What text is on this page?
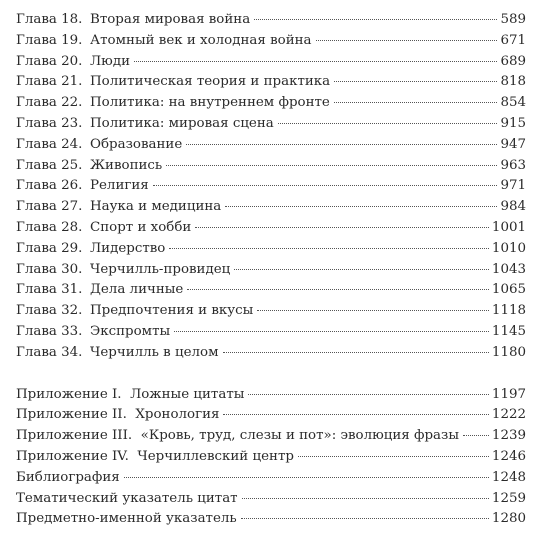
Глава 18. Вторая мировая война	589
Глава 19. Атомный век и холодная война	671
Глава 20. Люди	689
Глава 21. Политическая теория и практика	818
Глава 22. Политика: на внутреннем фронте	854
Глава 23. Политика: мировая сцена	915
Глава 24. Образование	947
Глава 25. Живопись	963
Глава 26. Религия	971
Глава 27. Наука и медицина	984
Глава 28. Спорт и хобби	1001
Глава 29. Лидерство	1010
Глава 30. Черчилль-провидец	1043
Глава 31. Дела личные	1065
Глава 32. Предпочтения и вкусы	1118
Глава 33. Экспромты	1145
Глава 34. Черчилль в целом	1180
Приложение I.  Ложные цитаты	1197
Приложение II.  Хронология	1222
Приложение III.  «Кровь, труд, слезы и пот»: эволюция фразы 1239
Приложение IV.  Черчиллевский центр	1246
Библиография	1248
Тематический указатель цитат	1259
Предметно-именной указатель	1280
